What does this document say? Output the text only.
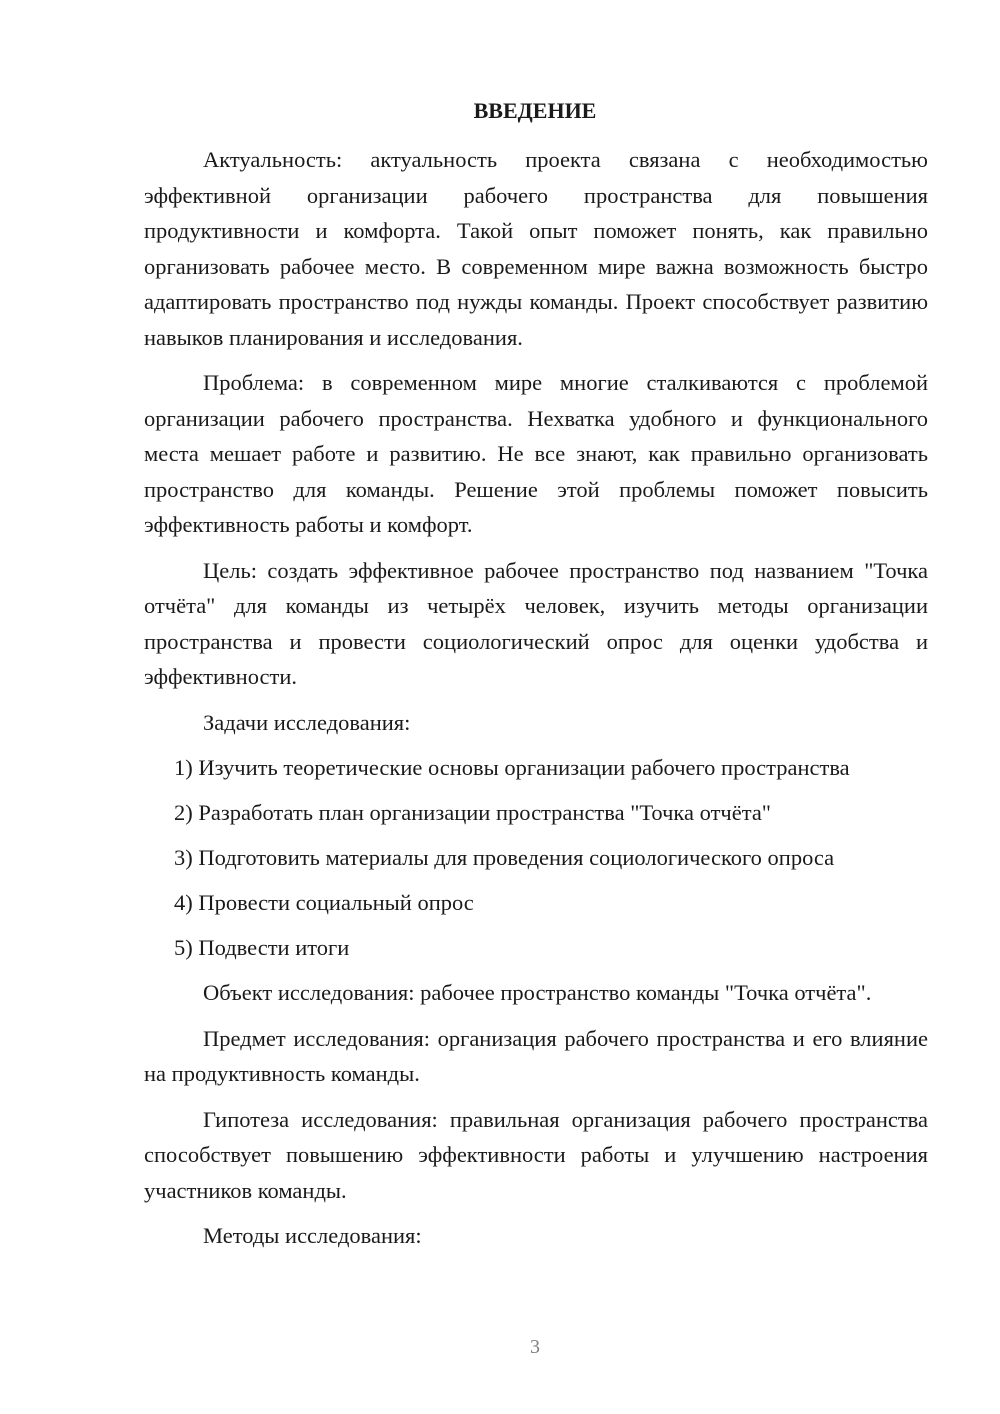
ВВЕДЕНИЕ

Актуальность: актуальность проекта связана с необходимостью эффективной организации рабочего пространства для повышения продуктивности и комфорта. Такой опыт поможет понять, как правильно организовать рабочее место. В современном мире важна возможность быстро адаптировать пространство под нужды команды. Проект способствует развитию навыков планирования и исследования.

Проблема: в современном мире многие сталкиваются с проблемой организации рабочего пространства. Нехватка удобного и функционального места мешает работе и развитию. Не все знают, как правильно организовать пространство для команды. Решение этой проблемы поможет повысить эффективность работы и комфорт.

Цель: создать эффективное рабочее пространство под названием "Точка отчёта" для команды из четырёх человек, изучить методы организации пространства и провести социологический опрос для оценки удобства и эффективности.

Задачи исследования:

1) Изучить теоретические основы организации рабочего пространства
2) Разработать план организации пространства "Точка отчёта"
3) Подготовить материалы для проведения социологического опроса
4) Провести социальный опрос
5) Подвести итоги

Объект исследования: рабочее пространство команды "Точка отчёта".

Предмет исследования: организация рабочего пространства и его влияние на продуктивность команды.

Гипотеза исследования: правильная организация рабочего пространства способствует повышению эффективности работы и улучшению настроения участников команды.

Методы исследования:

3
